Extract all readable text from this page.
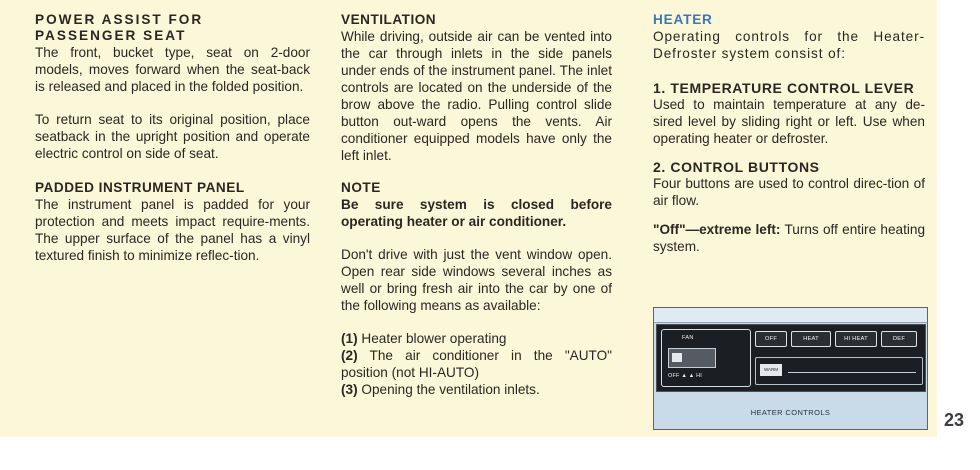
POWER ASSIST FOR PASSENGER SEAT

The front, bucket type, seat on 2-door models, moves forward when the seat-back is released and placed in the folded position.

To return seat to its original position, place seatback in the upright position and operate electric control on side of seat.

PADDED INSTRUMENT PANEL

The instrument panel is padded for your protection and meets impact require-ments. The upper surface of the panel has a vinyl textured finish to minimize reflec-tion.

VENTILATION

While driving, outside air can be vented into the car through inlets in the side panels under ends of the instrument panel. The inlet controls are located on the underside of the brow above the radio. Pulling control slide button out-ward opens the vents. Air conditioner equipped models have only the left inlet.

NOTE

Be sure system is closed before operating heater or air conditioner.

Don't drive with just the vent window open. Open rear side windows several inches as well or bring fresh air into the car by one of the following means as available:

(1) Heater blower operating

(2) The air conditioner in the "AUTO" position (not HI-AUTO)

(3) Opening the ventilation inlets.

HEATER

Operating controls for the Heater-Defroster system consist of:

1. TEMPERATURE CONTROL LEVER

Used to maintain temperature at any de-sired level by sliding right or left. Use when operating heater or defroster.

2. CONTROL BUTTONS

Four buttons are used to control direc-tion of air flow.

"Off"—extreme left: Turns off entire heating system.

FAN
OFF ▲ ▲ HI
OFF	HEAT	HI HEAT	DEF
WARM
HEATER CONTROLS	23
